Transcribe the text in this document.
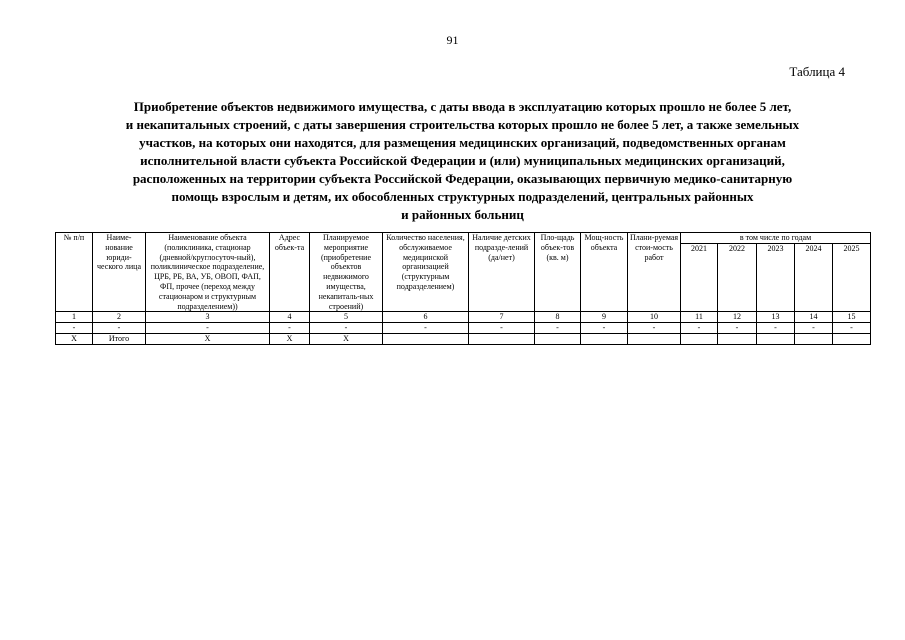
91
Таблица 4
Приобретение объектов недвижимого имущества, с даты ввода в эксплуатацию которых прошло не более 5 лет,
и некапитальных строений, с даты завершения строительства которых прошло не более 5 лет, а также земельных
участков, на которых они находятся, для размещения медицинских организаций, подведомственных органам
исполнительной власти субъекта Российской Федерации и (или) муниципальных медицинских организаций,
расположенных на территории субъекта Российской Федерации, оказывающих первичную медико-санитарную
помощь взрослым и детям, их обособленных структурных подразделений, центральных районных
и районных больниц
№ п/п	Наиме-нование юриди-ческого лица	Наименование объекта (поликлиника, стационар (дневной/круглосуточ-ный), поликлиническое подразделение, ЦРБ, РБ, ВА, УБ, ОВОП, ФАП, ФП, прочее (переход между стационаром и структурным подразделением))	Адрес объек-та	Планируемое мероприятие (приобретение объектов недвижимого имущества, некапиталь-ных строений)	Количество населения, обслуживаемое медицинской организацией (структурным подразделением)	Наличие детских подразде-лений (да/нет)	Пло-щадь объек-тов (кв. м)	Мощ-ность объекта	Плани-руемая стои-мость работ	в том числе по годам				
										2021	2022	2023	2024	2025
1	2	3	4	5	6	7	8	9	10	11	12	13	14	15
-	-	-	-	-	-	-	-	-	-	-	-	-	-	-
X	Итого	X	X	X										
